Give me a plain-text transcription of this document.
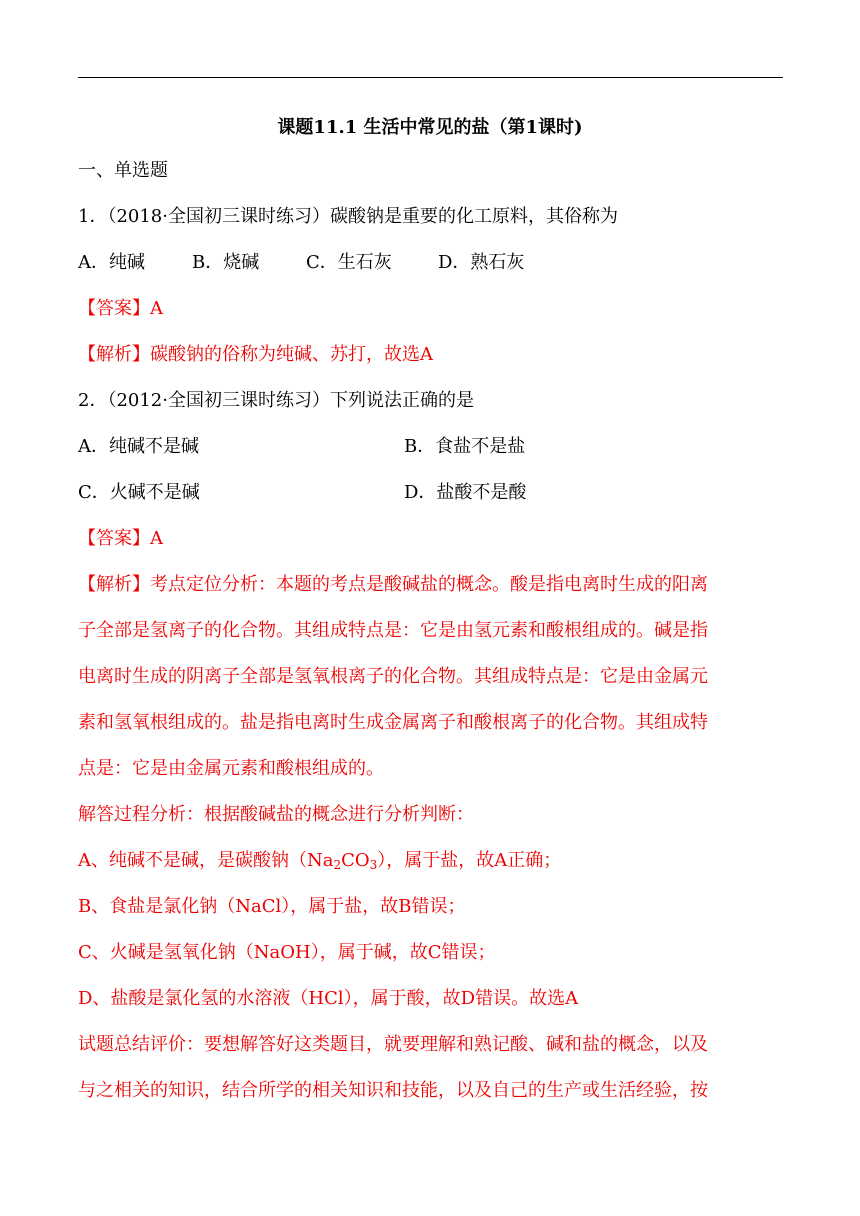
课题11.1 生活中常见的盐（第1课时)
一、单选题
1．（2018·全国初三课时练习）碳酸钠是重要的化工原料，其俗称为
A．纯碱	B．烧碱	C．生石灰	D．熟石灰
【答案】A
【解析】碳酸钠的俗称为纯碱、苏打，故选A
2．（2012·全国初三课时练习）下列说法正确的是
A．纯碱不是碱	B．食盐不是盐
C．火碱不是碱	D．盐酸不是酸
【答案】A
【解析】考点定位分析：本题的考点是酸碱盐的概念。酸是指电离时生成的阳离
子全部是氢离子的化合物。其组成特点是：它是由氢元素和酸根组成的。碱是指
电离时生成的阴离子全部是氢氧根离子的化合物。其组成特点是：它是由金属元
素和氢氧根组成的。盐是指电离时生成金属离子和酸根离子的化合物。其组成特
点是：它是由金属元素和酸根组成的。
解答过程分析：根据酸碱盐的概念进行分析判断：
A、纯碱不是碱，是碳酸钠$(Na_2CO_3)$，属于盐，故A正确；
B、食盐是氯化钠（NaCl），属于盐，故B错误；
C、火碱是氢氧化钠（NaOH），属于碱，故C错误；
D、盐酸是氯化氢的水溶液（HCl），属于酸，故D错误。故选A
试题总结评价：要想解答好这类题目，就要理解和熟记酸、碱和盐的概念，以及
与之相关的知识，结合所学的相关知识和技能，以及自己的生产或生活经验，按
